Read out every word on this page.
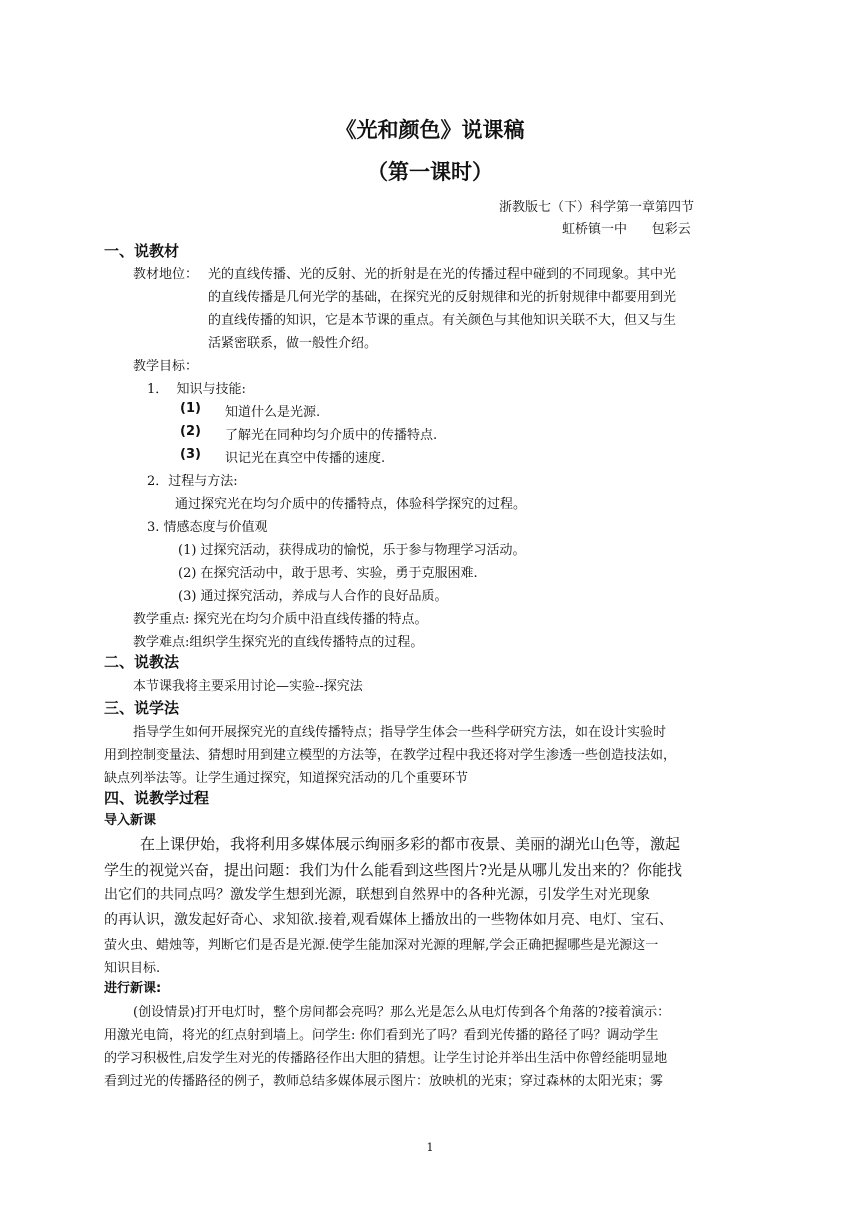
《光和颜色》说课稿
（第一课时）
浙教版七（下）科学第一章第四节
虹桥镇一中      包彩云
一、说教材
教材地位： 光的直线传播、光的反射、光的折射是在光的传播过程中碰到的不同现象。其中光
的直线传播是几何光学的基础，在探究光的反射规律和光的折射规律中都要用到光
的直线传播的知识，它是本节课的重点。有关颜色与其他知识关联不大，但又与生
活紧密联系，做一般性介绍。
教学目标：
1．  知识与技能:
(1) 知道什么是光源.
(2) 了解光在同种均匀介质中的传播特点.
(3) 识记光在真空中传播的速度.
2．过程与方法:
通过探究光在均匀介质中的传播特点，体验科学探究的过程。
3. 情感态度与价值观
(1) 过探究活动，获得成功的愉悦，乐于参与物理学习活动。
(2) 在探究活动中，敢于思考、实验，勇于克服困难.
(3) 通过探究活动，养成与人合作的良好品质。
教学重点: 探究光在均匀介质中沿直线传播的特点。
教学难点:组织学生探究光的直线传播特点的过程。
二、说教法
本节课我将主要采用讨论—实验--探究法
三、说学法
指导学生如何开展探究光的直线传播特点；指导学生体会一些科学研究方法，如在设计实验时
用到控制变量法、猜想时用到建立模型的方法等，在教学过程中我还将对学生渗透一些创造技法如，
缺点列举法等。让学生通过探究，知道探究活动的几个重要环节
四、说教学过程
导入新课
在上课伊始，我将利用多媒体展示绚丽多彩的都市夜景、美丽的湖光山色等，激起
学生的视觉兴奋，提出问题：我们为什么能看到这些图片?光是从哪儿发出来的？你能找
出它们的共同点吗？激发学生想到光源，联想到自然界中的各种光源，引发学生对光现象
的再认识，激发起好奇心、求知欲.接着,观看媒体上播放出的一些物体如月亮、电灯、宝石、
萤火虫、蜡烛等，判断它们是否是光源.使学生能加深对光源的理解,学会正确把握哪些是光源这一
知识目标.
进行新课:
(创设情景)打开电灯时，整个房间都会亮吗？那么光是怎么从电灯传到各个角落的?接着演示：
用激光电筒，将光的红点射到墙上。问学生: 你们看到光了吗？看到光传播的路径了吗？调动学生
的学习积极性,启发学生对光的传播路径作出大胆的猜想。让学生讨论并举出生活中你曾经能明显地
看到过光的传播路径的例子，教师总结多媒体展示图片：放映机的光束；穿过森林的太阳光束；雾
1
